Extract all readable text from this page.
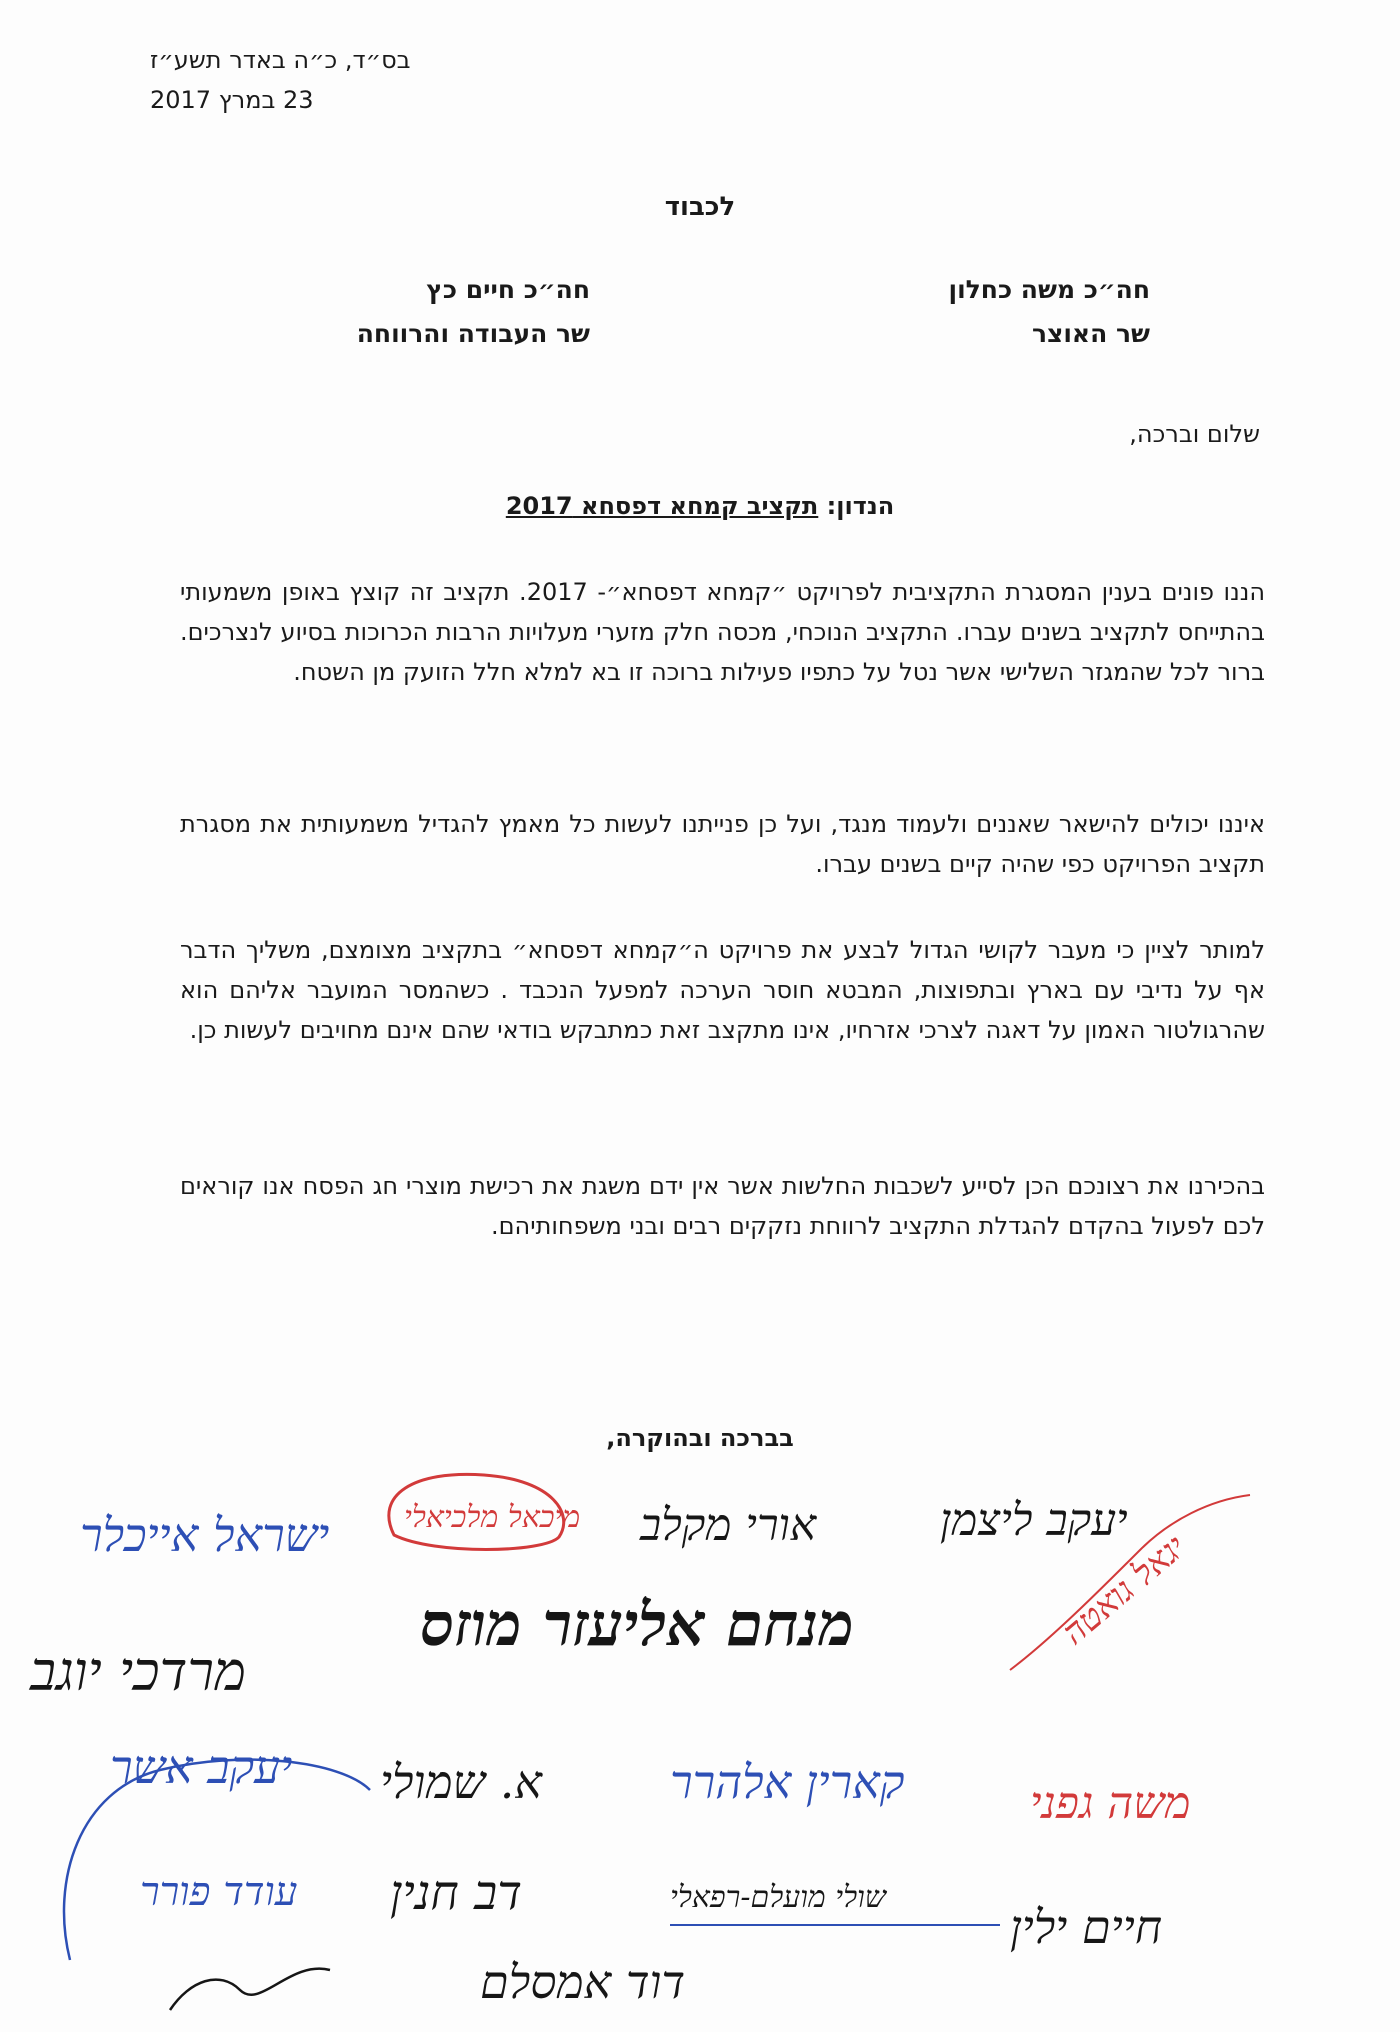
בס״ד, כ״ה באדר תשע״ז
23 במרץ 2017
לכבוד
חה״כ משה כחלון
שר האוצר
חה״כ חיים כץ
שר העבודה והרווחה
שלום וברכה,
הנדון: תקציב קמחא דפסחא 2017

הננו פונים בענין המסגרת התקציבית לפרויקט ״קמחא דפסחא״- 2017. תקציב זה קוצץ באופן משמעותי בהתייחס לתקציב בשנים עברו. התקציב הנוכחי, מכסה חלק מזערי מעלויות הרבות הכרוכות בסיוע לנצרכים. ברור לכל שהמגזר השלישי אשר נטל על כתפיו פעילות ברוכה זו בא למלא חלל הזועק מן השטח.

איננו יכולים להישאר שאננים ולעמוד מנגד, ועל כן פנייתנו לעשות כל מאמץ להגדיל משמעותית את מסגרת תקציב הפרויקט כפי שהיה קיים בשנים עברו.

למותר לציין כי מעבר לקושי הגדול לבצע את פרויקט ה״קמחא דפסחא״ בתקציב מצומצם, משליך הדבר אף על נדיבי עם בארץ ובתפוצות, המבטא חוסר הערכה למפעל הנכבד . כשהמסר המועבר אליהם הוא שהרגולטור האמון על דאגה לצרכי אזרחיו, אינו מתקצב זאת כמתבקש בודאי שהם אינם מחויבים לעשות כן.

בהכירנו את רצונכם הכן לסייע לשכבות החלשות אשר אין ידם משגת את רכישת מוצרי חג הפסח אנו קוראים לכם לפעול בהקדם להגדלת התקציב לרווחת נזקקים רבים ובני משפחותיהם.

בברכה ובהוקרה,
ישראל אייכלר מיכאל מלכיאלי אורי מקלב	יעקב ליצמן
יגאל גואטה
מנחם אליעזר מוזס
מרדכי יוגב
יעקב אשר א. שמולי	קארין אלהרר	משה גפני
עודד פורר דב חנין	שולי מועלם-רפאלי
חיים ילין
דוד אמסלם
